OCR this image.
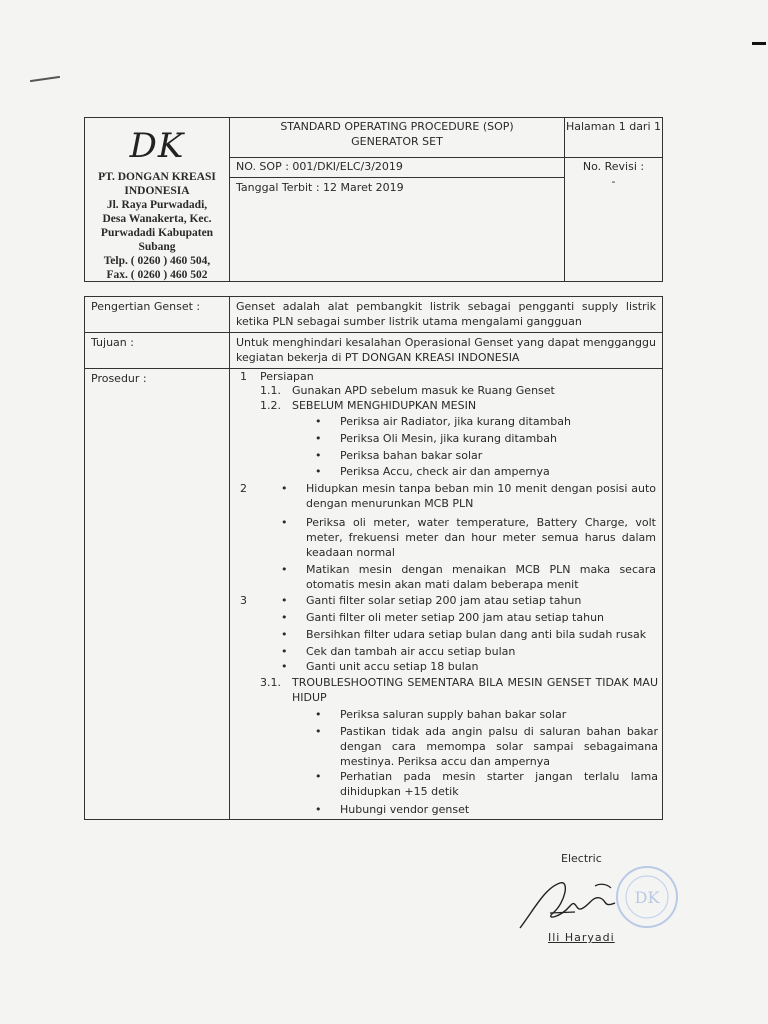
DK
PT. DONGAN KREASI INDONESIA
Jl. Raya Purwadadi,
Desa Wanakerta, Kec.
Purwadadi Kabupaten
Subang
Telp. ( 0260 ) 460 504,
Fax. ( 0260 ) 460 502
STANDARD OPERATING PROCEDURE (SOP)
GENERATOR SET
Halaman 1 dari 1
NO. SOP : 001/DKI/ELC/3/2019
Tanggal Terbit : 12 Maret 2019
No. Revisi :
-
Pengertian Genset :	Genset adalah alat pembangkit listrik sebagai pengganti supply listrik ketika PLN sebagai sumber listrik utama mengalami gangguan
Tujuan :	Untuk menghindari kesalahan Operasional Genset yang dapat mengganggu kegiatan bekerja di PT DONGAN KREASI INDONESIA
Prosedur :	1 Persiapan
1.1. Gunakan APD sebelum masuk ke Ruang Genset
1.2. SEBELUM MENGHIDUPKAN MESIN
• Periksa air Radiator, jika kurang ditambah
• Periksa Oli Mesin, jika kurang ditambah
• Periksa bahan bakar solar
• Periksa Accu, check air dan ampernya
2	• Hidupkan mesin tanpa beban min 10 menit dengan posisi auto dengan menurunkan MCB PLN
• Periksa oli meter, water temperature, Battery Charge, volt meter, frekuensi meter dan hour meter semua harus dalam keadaan normal
• Matikan mesin dengan menaikan MCB PLN maka secara otomatis mesin akan mati dalam beberapa menit
3	• Ganti filter solar setiap 200 jam atau setiap tahun
• Ganti filter oli meter setiap 200 jam atau setiap tahun
• Bersihkan filter udara setiap bulan dang anti bila sudah rusak
• Cek dan tambah air accu setiap bulan
• Ganti unit accu setiap 18 bulan
3.1. TROUBLESHOOTING SEMENTARA BILA MESIN GENSET TIDAK MAU HIDUP
• Periksa saluran supply bahan bakar solar
• Pastikan tidak ada angin palsu di saluran bahan bakar dengan cara memompa solar sampai sebagaimana mestinya. Periksa accu dan ampernya
• Perhatian pada mesin starter jangan terlalu lama dihidupkan +15 detik
• Hubungi vendor genset
Electric
DK
Ili Haryadi
